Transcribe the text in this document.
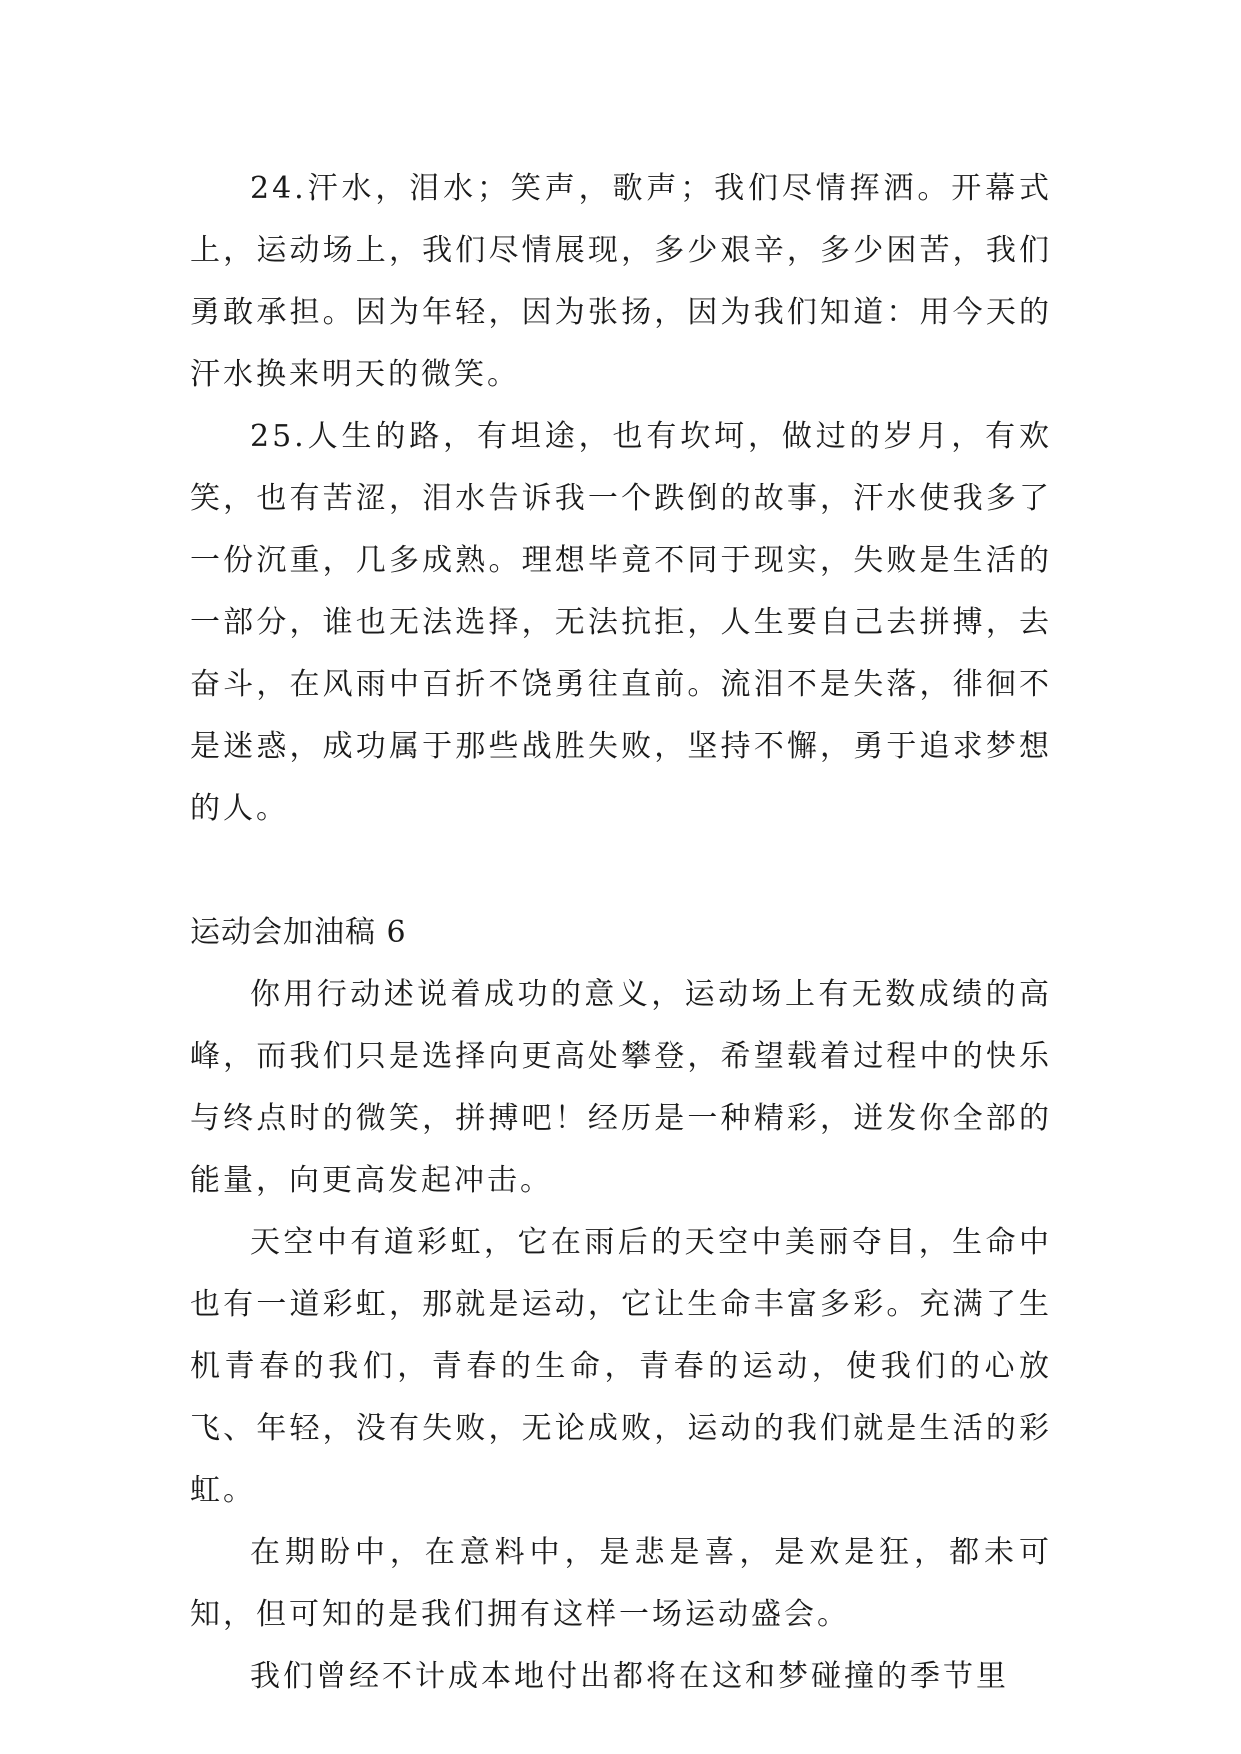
24.汗水，泪水；笑声，歌声；我们尽情挥洒。开幕式上，运动场上，我们尽情展现，多少艰辛，多少困苦，我们勇敢承担。因为年轻，因为张扬，因为我们知道：用今天的汗水换来明天的微笑。

25.人生的路，有坦途，也有坎坷，做过的岁月，有欢笑，也有苦涩，泪水告诉我一个跌倒的故事，汗水使我多了一份沉重，几多成熟。理想毕竟不同于现实，失败是生活的一部分，谁也无法选择，无法抗拒，人生要自己去拼搏，去奋斗，在风雨中百折不饶勇往直前。流泪不是失落，徘徊不是迷惑，成功属于那些战胜失败，坚持不懈，勇于追求梦想的人。

运动会加油稿 6

你用行动述说着成功的意义，运动场上有无数成绩的高峰，而我们只是选择向更高处攀登，希望载着过程中的快乐与终点时的微笑，拼搏吧！经历是一种精彩，迸发你全部的能量，向更高发起冲击。

天空中有道彩虹，它在雨后的天空中美丽夺目，生命中也有一道彩虹，那就是运动，它让生命丰富多彩。充满了生机青春的我们，青春的生命，青春的运动，使我们的心放飞、年轻，没有失败，无论成败，运动的我们就是生活的彩虹。

在期盼中，在意料中，是悲是喜，是欢是狂，都未可知，但可知的是我们拥有这样一场运动盛会。

我们曾经不计成本地付出都将在这和梦碰撞的季节里
